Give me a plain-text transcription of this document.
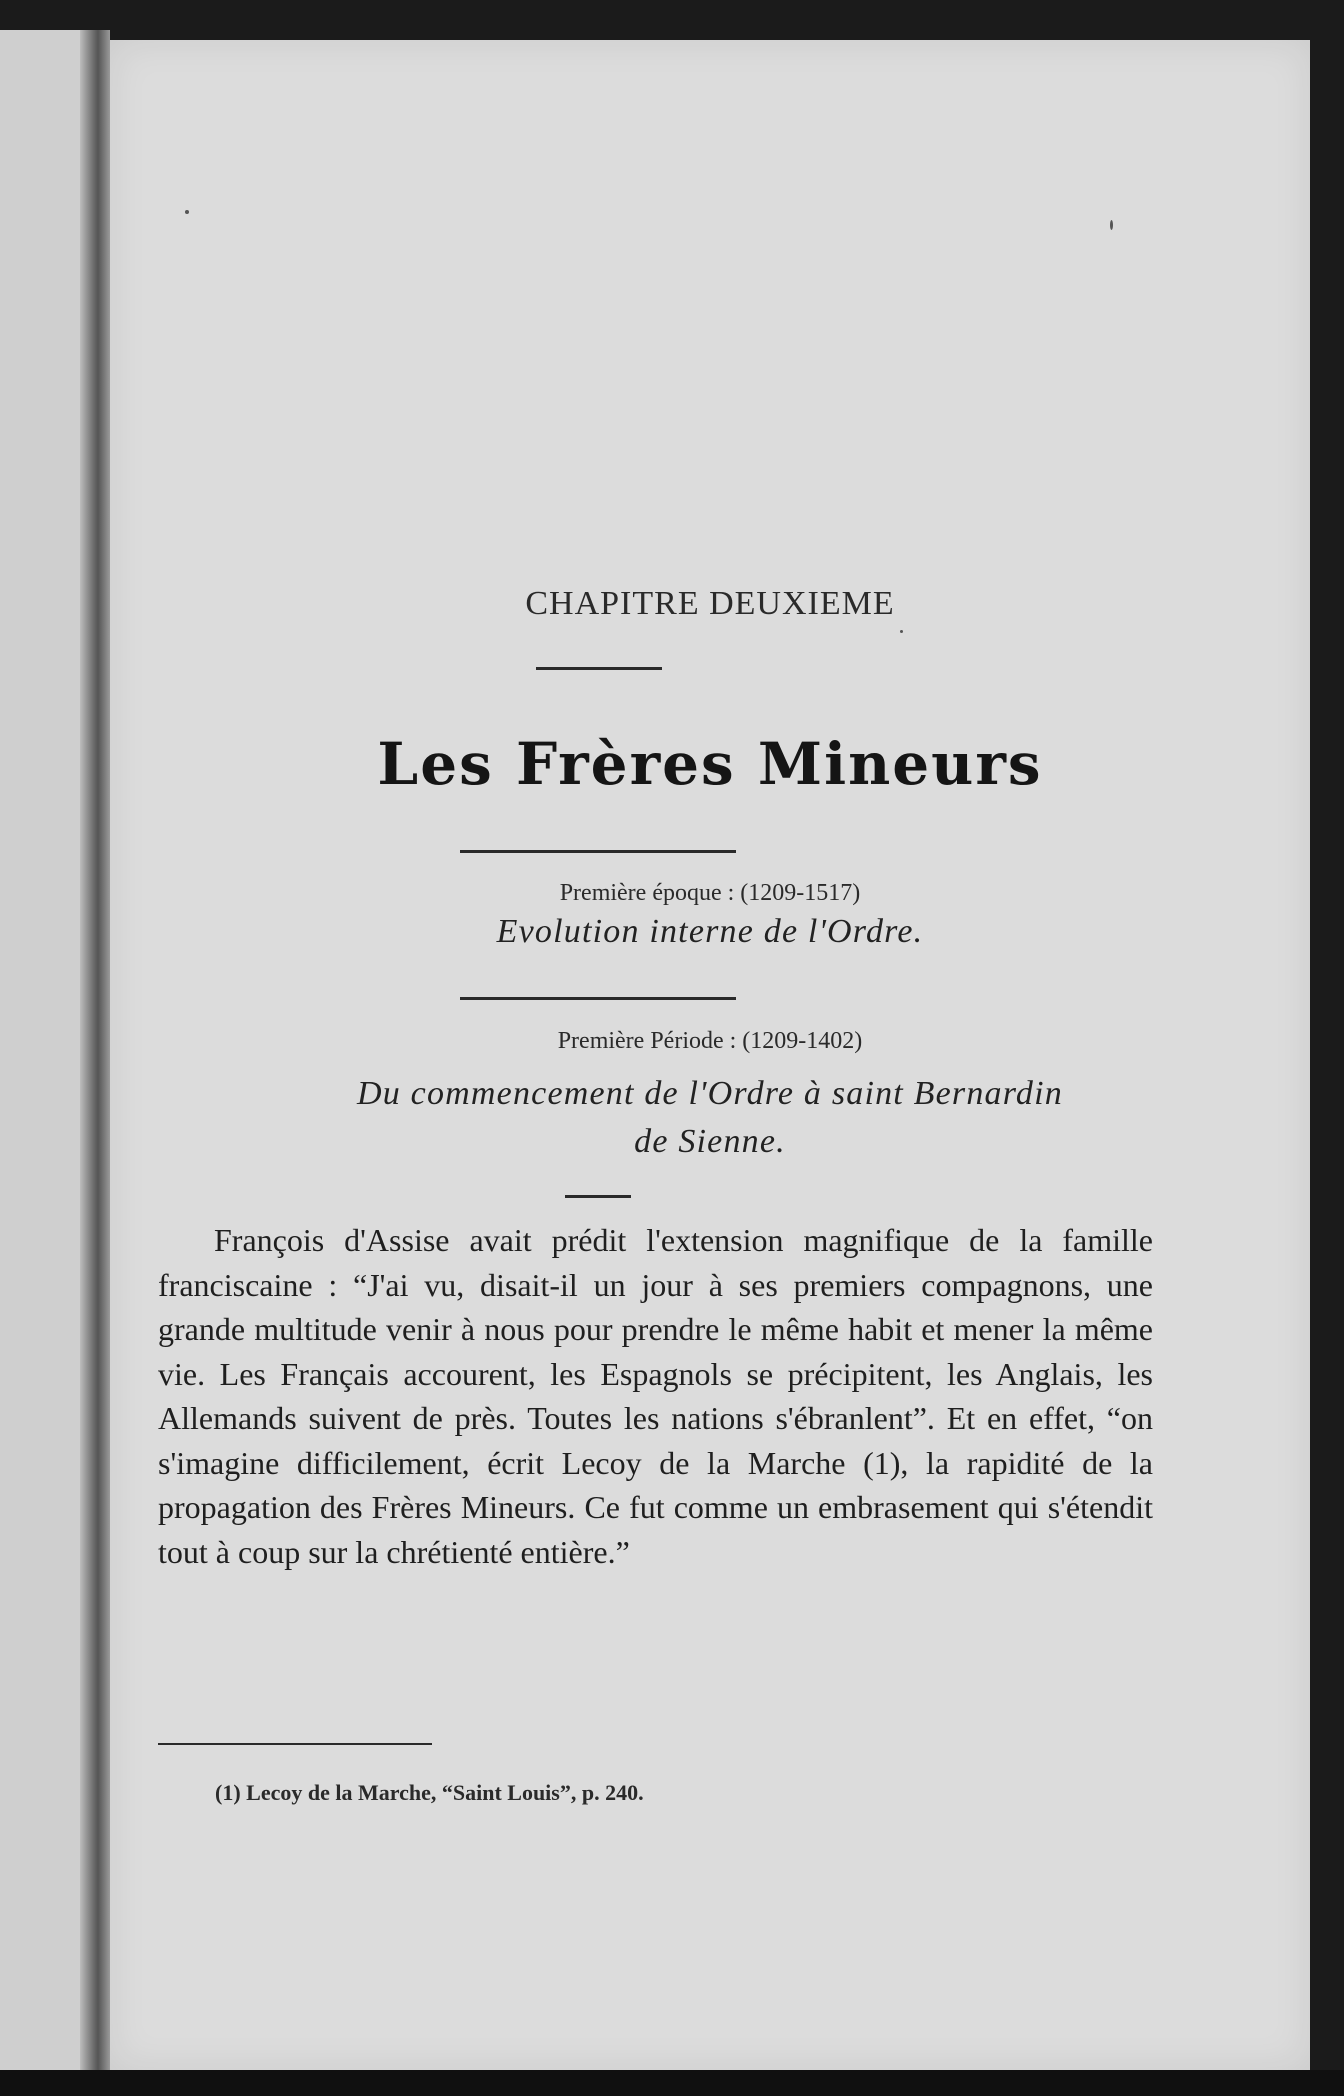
CHAPITRE DEUXIEME
Les Frères Mineurs
Première époque : (1209-1517)
Evolution interne de l'Ordre.
Première Période : (1209-1402)
Du commencement de l'Ordre à saint Bernardin
de Sienne.

François d'Assise avait prédit l'extension magnifique de la famille franciscaine : “J'ai vu, disait-il un jour à ses premiers compagnons, une grande multitude venir à nous pour prendre le même habit et mener la même vie. Les Français accourent, les Espagnols se précipitent, les Anglais, les Allemands suivent de près. Toutes les nations s'ébranlent”. Et en effet, “on s'imagine difficilement, écrit Lecoy de la Marche (1), la rapidité de la propagation des Frères Mineurs. Ce fut comme un embrasement qui s'étendit tout à coup sur la chrétienté entière.”

(1) Lecoy de la Marche, “Saint Louis”, p. 240.
